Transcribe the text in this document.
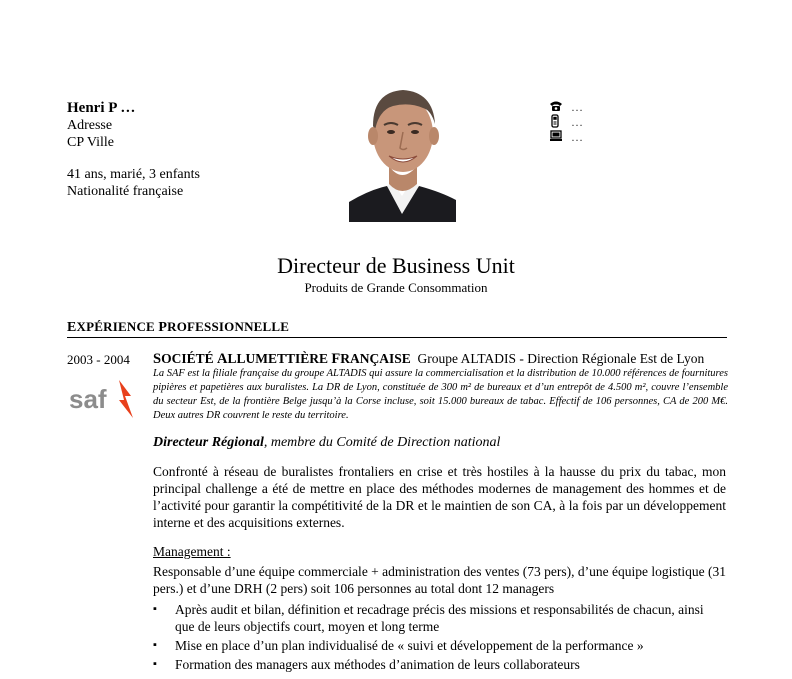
Henri P …
Adresse
CP Ville
41 ans, marié, 3 enfants
Nationalité française
…
…
…
Directeur de Business Unit
Produits de Grande Consommation
EXPÉRIENCE PROFESSIONNELLE
2003 - 2004
saf
SOCIÉTÉ ALLUMETTIÈRE FRANÇAISE Groupe ALTADIS - Direction Régionale Est de Lyon
La SAF est la filiale française du groupe ALTADIS qui assure la commercialisation et la distribution de 10.000 références de fournitures pipières et papetières aux buralistes. La DR de Lyon, constituée de 300 m² de bureaux et d’un entrepôt de 4.500 m², couvre l’ensemble du secteur Est, de la frontière Belge jusqu’à la Corse incluse, soit 15.000 bureaux de tabac. Effectif de 106 personnes, CA de 200 M€. Deux autres DR couvrent le reste du territoire.
Directeur Régional, membre du Comité de Direction national
Confronté à réseau de buralistes frontaliers en crise et très hostiles à la hausse du prix du tabac, mon principal challenge a été de mettre en place des méthodes modernes de management des hommes et de l’activité pour garantir la compétitivité de la DR et le maintien de son CA, à la fois par un développement interne et des acquisitions externes.
Management :
Responsable d’une équipe commerciale + administration des ventes (73 pers), d’une équipe logistique (31 pers.) et d’une DRH (2 pers) soit 106 personnes au total dont 12 managers
▪ Après audit et bilan, définition et recadrage précis des missions et responsabilités de chacun, ainsi que de leurs objectifs court, moyen et long terme
▪ Mise en place d’un plan individualisé de « suivi et développement de la performance »
▪ Formation des managers aux méthodes d’animation de leurs collaborateurs
